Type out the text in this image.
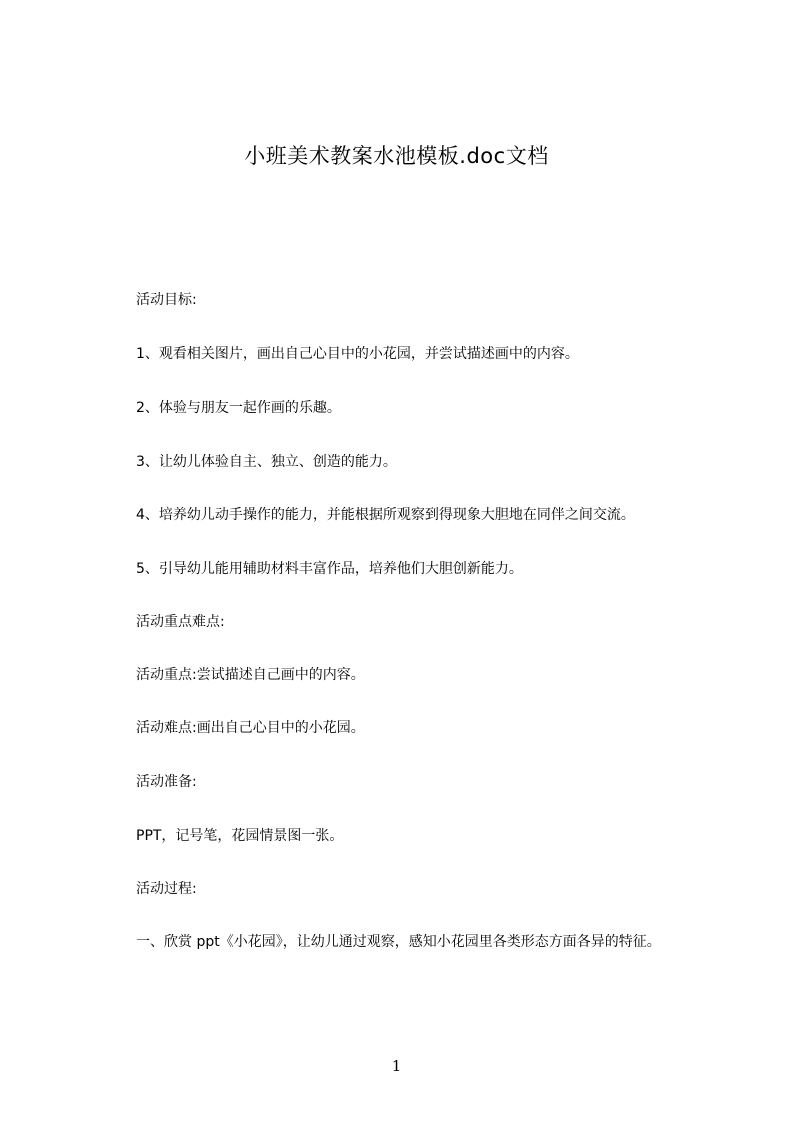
小班美术教案水池模板.doc文档
活动目标:
1、观看相关图片，画出自己心目中的小花园，并尝试描述画中的内容。
2、体验与朋友一起作画的乐趣。
3、让幼儿体验自主、独立、创造的能力。
4、培养幼儿动手操作的能力，并能根据所观察到得现象大胆地在同伴之间交流。
5、引导幼儿能用辅助材料丰富作品，培养他们大胆创新能力。
活动重点难点:
活动重点:尝试描述自己画中的内容。
活动难点:画出自己心目中的小花园。
活动准备:
PPT，记号笔，花园情景图一张。
活动过程:
一、欣赏 ppt《小花园》，让幼儿通过观察，感知小花园里各类形态方面各异的特征。
1
